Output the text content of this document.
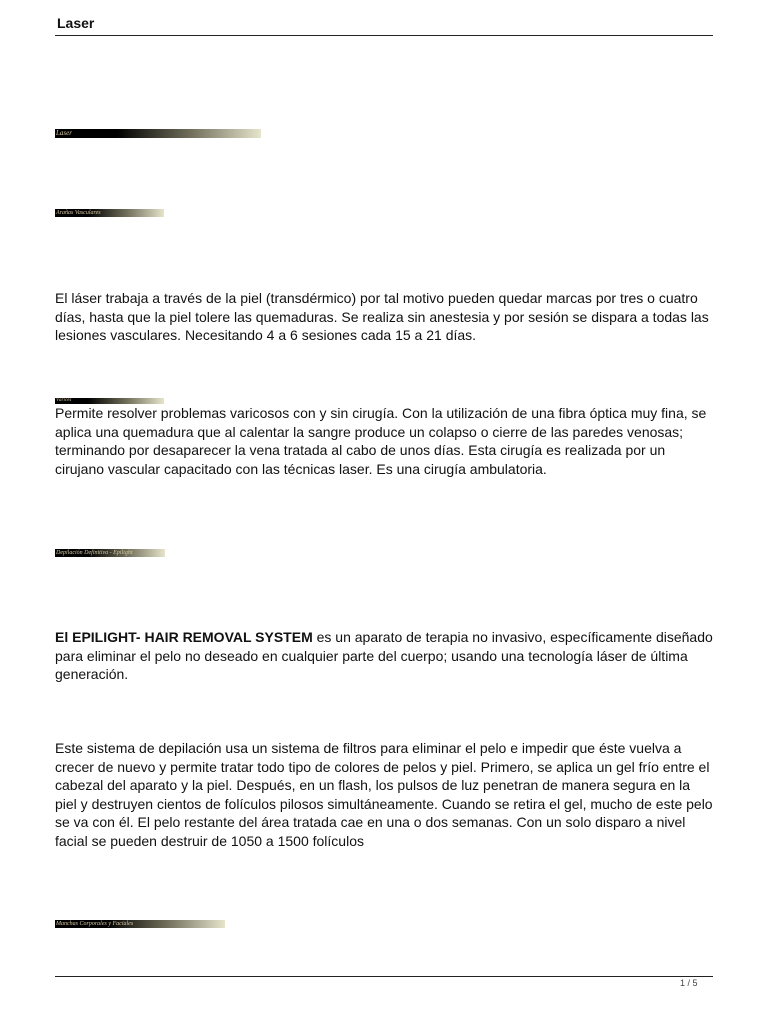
Laser
Laser
Arañas Vasculares

El láser trabaja a través de la piel (transdérmico) por tal motivo pueden quedar marcas por tres o cuatro días, hasta que la piel tolere las quemaduras. Se realiza sin anestesia y por sesión se dispara a todas las lesiones vasculares. Necesitando 4 a 6 sesiones cada 15 a 21 días.

Várices

Permite resolver problemas varicosos con y sin cirugía. Con la utilización de una fibra óptica muy fina, se aplica una quemadura que al calentar la sangre produce un colapso o cierre de las paredes venosas; terminando por desaparecer la vena tratada al cabo de unos días. Esta cirugía es realizada por un cirujano vascular capacitado con las técnicas laser. Es una cirugía ambulatoria.

Depilación Definitiva - Epilight

El EPILIGHT- HAIR REMOVAL SYSTEM es un aparato de terapia no invasivo, específicamente diseñado para eliminar el pelo no deseado en cualquier parte del cuerpo; usando una tecnología láser de última generación.

Este sistema de depilación usa un sistema de filtros para eliminar el pelo e impedir que éste vuelva a crecer de nuevo y permite tratar todo tipo de colores de pelos y piel. Primero, se aplica un gel frío entre el cabezal del aparato y la piel. Después, en un flash, los pulsos de luz penetran de manera segura en la piel y destruyen cientos de folículos pilosos simultáneamente. Cuando se retira el gel, mucho de este pelo se va con él. El pelo restante del área tratada cae en una o dos semanas. Con un solo disparo a nivel facial se pueden destruir de 1050 a 1500 folículos

Manchas Corporales y Faciales
1 / 5
